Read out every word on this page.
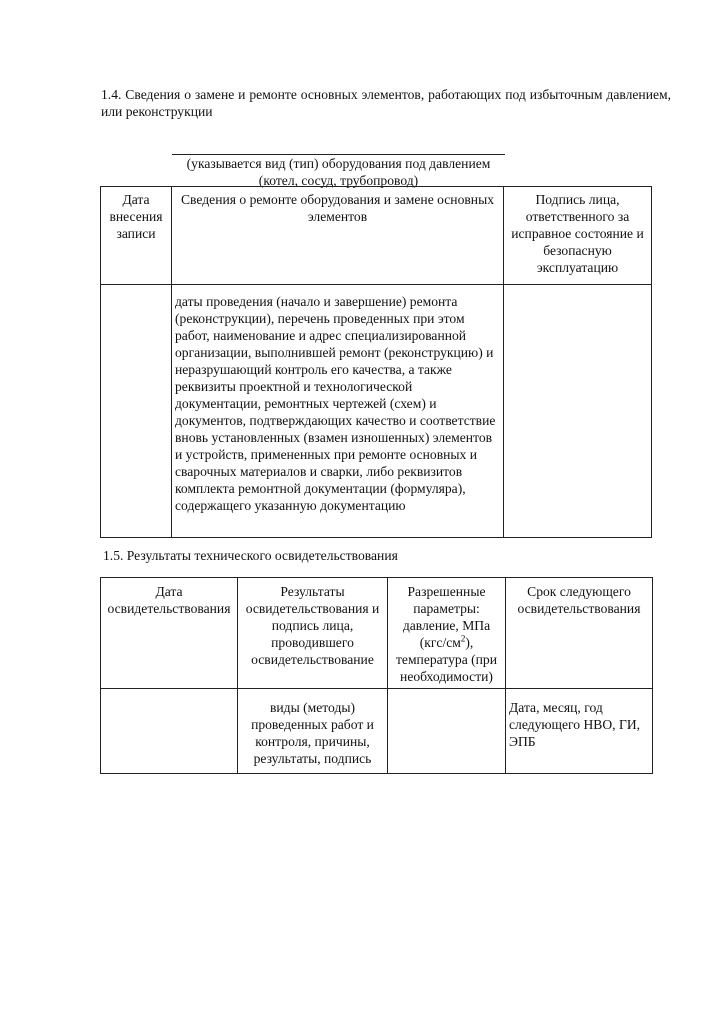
1.4. Сведения о замене и ремонте основных элементов, работающих под избыточным давлением, или реконструкции
(указывается вид (тип) оборудования под давлением (котел, сосуд, трубопровод)
Дата внесения записи	Сведения о ремонте оборудования и замене основных элементов	Подпись лица, ответственного за исправное состояние и безопасную эксплуатацию
	даты проведения (начало и завершение) ремонта (реконструкции), перечень проведенных при этом работ, наименование и адрес специализированной организации, выполнившей ремонт (реконструкцию) и неразрушающий контроль его качества, а также реквизиты проектной и технологической документации, ремонтных чертежей (схем) и документов, подтверждающих качество и соответствие вновь установленных (взамен изношенных) элементов и устройств, примененных при ремонте основных и сварочных материалов и сварки, либо реквизитов комплекта ремонтной документации (формуляра), содержащего указанную документацию	
1.5. Результаты технического освидетельствования
Дата освидетельствования	Результаты освидетельствования и подпись лица, проводившего освидетельствование	Разрешенные параметры: давление, МПа $(кгс/см^2)$, температура (при необходимости)	Срок следующего освидетельствования
	виды (методы) проведенных работ и контроля, причины, результаты, подпись		Дата, месяц, год следующего НВО, ГИ, ЭПБ
